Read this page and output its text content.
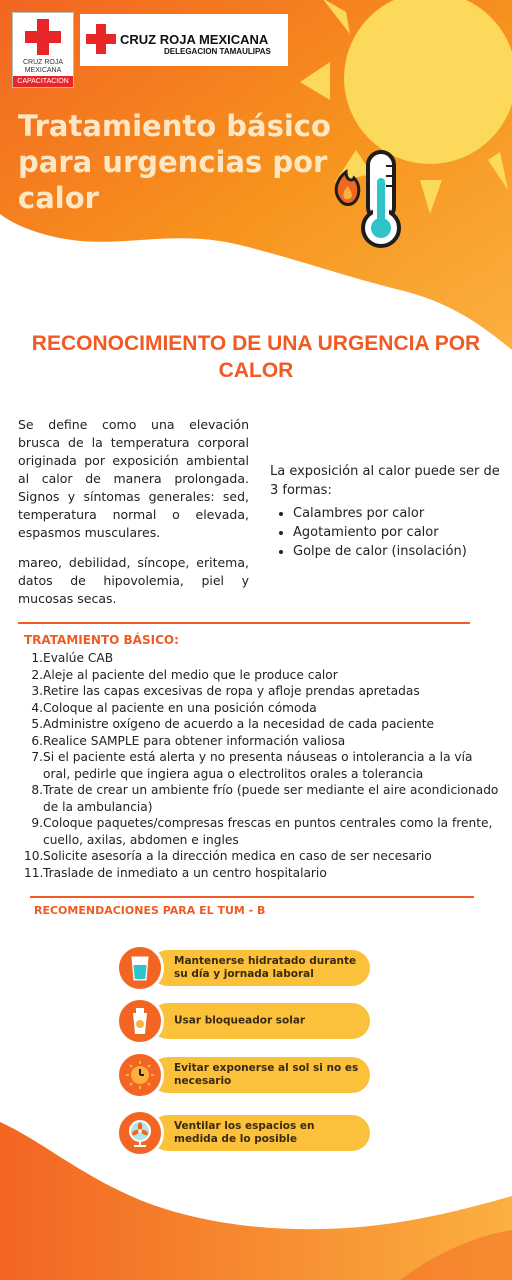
CRUZ ROJA
MEXICANA
CAPACITACION
CRUZ ROJA MEXICANA
DELEGACION TAMAULIPAS
Tratamiento básico para urgencias por calor
RECONOCIMIENTO DE UNA URGENCIA POR CALOR

Se define como una elevación brusca de la temperatura corporal originada por exposición ambiental al calor de manera prolongada. Signos y síntomas generales: sed, temperatura normal o elevada, espasmos musculares.

mareo, debilidad, síncope, eritema, datos de hipovolemia, piel y mucosas secas.

La exposición al calor puede ser de 3 formas:
• Calambres por calor
• Agotamiento por calor
• Golpe de calor (insolación)
TRATAMIENTO BÁSICO:
1. Evalúe CAB
2. Aleje al paciente del medio que le produce calor
3. Retire las capas excesivas de ropa y afloje prendas apretadas
4. Coloque al paciente en una posición cómoda
5. Administre oxígeno de acuerdo a la necesidad de cada paciente
6. Realice SAMPLE para obtener información valiosa
7. Si el paciente está alerta y no presenta náuseas o intolerancia a la vía oral, pedirle que ingiera agua o electrolitos orales a tolerancia
8. Trate de crear un ambiente frío (puede ser mediante el aire acondicionado de la ambulancia)
9. Coloque paquetes/compresas frescas en puntos centrales como la frente, cuello, axilas, abdomen e ingles
10. Solicite asesoría a la dirección medica en caso de ser necesario
11. Traslade de inmediato a un centro hospitalario
RECOMENDACIONES PARA EL TUM - B
Mantenerse hidratado durante su día y jornada laboral
Usar bloqueador solar
Evitar exponerse al sol si no es necesario
Ventilar los espacios en medida de lo posible
